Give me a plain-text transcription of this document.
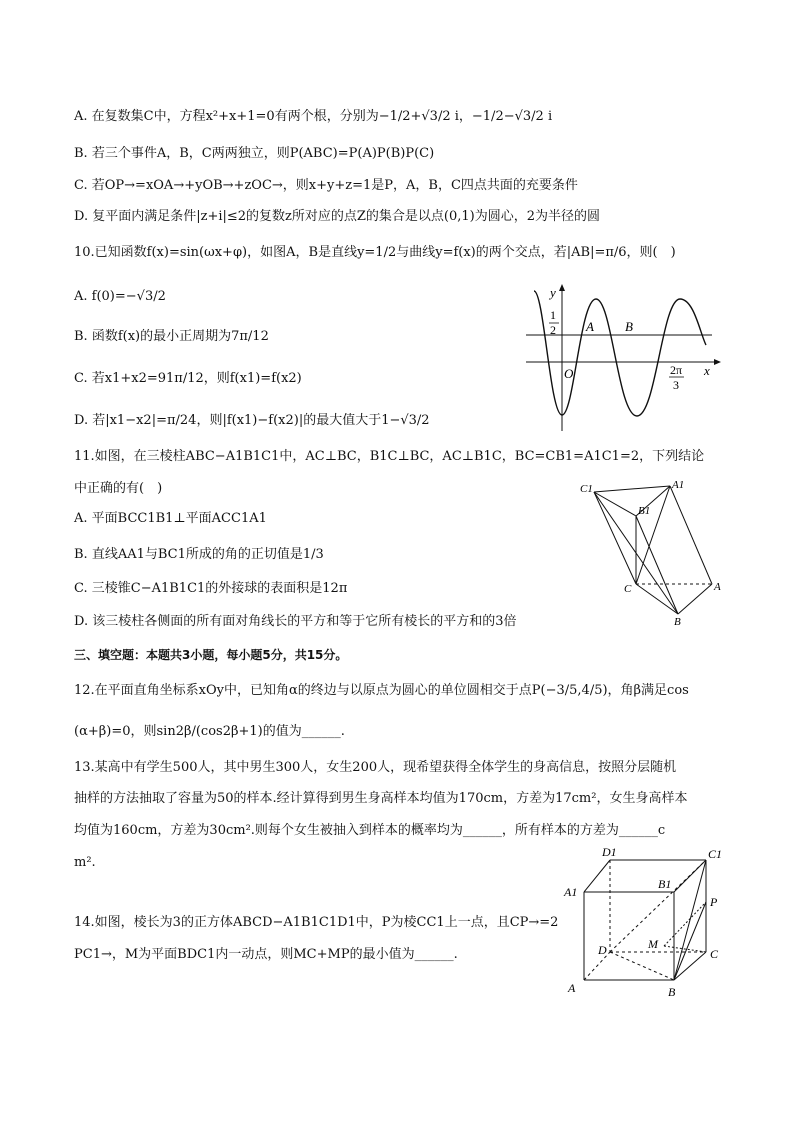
A. 在复数集C中，方程x²+x+1=0有两个根，分别为−1/2+√3/2 i，−1/2−√3/2 i
B. 若三个事件A，B，C两两独立，则P(ABC)=P(A)P(B)P(C)
C. 若OP→=xOA→+yOB→+zOC→，则x+y+z=1是P，A，B，C四点共面的充要条件
D. 复平面内满足条件|z+i|≤2的复数z所对应的点Z的集合是以点(0,1)为圆心，2为半径的圆
10.已知函数f(x)=sin(ωx+φ)，如图A，B是直线y=1/2与曲线y=f(x)的两个交点，若|AB|=π/6，则(　)
A. f(0)=−√3/2
B. 函数f(x)的最小正周期为7π/12
C. 若x1+x2=91π/12，则f(x1)=f(x2)
D. 若|x1−x2|=π/24，则|f(x1)−f(x2)|的最大值大于1−√3/2
y
x
O
1
2 A B
2π
3
11.如图，在三棱柱ABC−A1B1C1中，AC⊥BC，B1C⊥BC，AC⊥B1C，BC=CB1=A1C1=2，下列结论
中正确的有(　)
A. 平面BCC1B1⊥平面ACC1A1
B. 直线AA1与BC1所成的角的正切值是1/3
C. 三棱锥C−A1B1C1的外接球的表面积是12π
D. 该三棱柱各侧面的所有面对角线长的平方和等于它所有棱长的平方和的3倍
C1	A1
B1
C	A
B
三、填空题：本题共3小题，每小题5分，共15分。
12.在平面直角坐标系xOy中，已知角α的终边与以原点为圆心的单位圆相交于点P(−3/5,4/5)，角β满足cos
(α+β)=0，则sin2β/(cos2β+1)的值为______.
13.某高中有学生500人，其中男生300人，女生200人，现希望获得全体学生的身高信息，按照分层随机
抽样的方法抽取了容量为50的样本.经计算得到男生身高样本均值为170cm，方差为17cm²，女生身高样本
均值为160cm，方差为30cm².则每个女生被抽入到样本的概率均为______，所有样本的方差为______c
m².
14.如图，棱长为3的正方体ABCD−A1B1C1D1中，P为棱CC1上一点，且CP→=2
PC1→，M为平面BDC1内一动点，则MC+MP的最小值为______.
D1	C1
A1
B1
P
D	M
C
A	B
